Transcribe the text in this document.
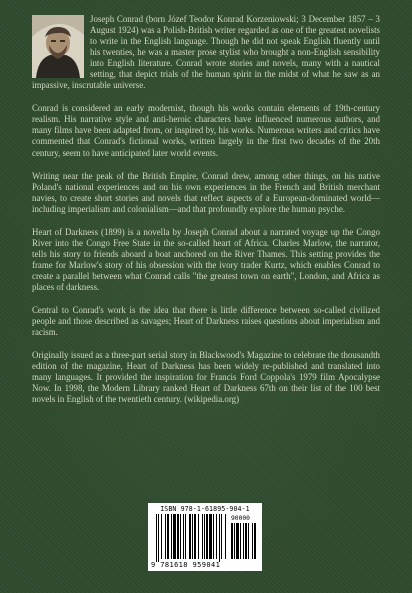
Joseph Conrad (born Józef Teodor Konrad Korzeniowski; 3 December 1857 – 3 August 1924) was a Polish-British writer regarded as one of the greatest novelists to write in the English language. Though he did not speak English fluently until his twenties, he was a master prose stylist who brought a non-English sensibility into English literature. Conrad wrote stories and novels, many with a nautical setting, that depict trials of the human spirit in the midst of what he saw as an impassive, inscrutable universe.

Conrad is considered an early modernist, though his works contain elements of 19th-century realism. His narrative style and anti-heroic characters have influenced numerous authors, and many films have been adapted from, or inspired by, his works. Numerous writers and critics have commented that Conrad's fictional works, written largely in the first two decades of the 20th century, seem to have anticipated later world events.

Writing near the peak of the British Empire, Conrad drew, among other things, on his native Poland's national experiences and on his own experiences in the French and British merchant navies, to create short stories and novels that reflect aspects of a European-dominated world—including imperialism and colonialism—and that profoundly explore the human psyche.

Heart of Darkness (1899) is a novella by Joseph Conrad about a narrated voyage up the Congo River into the Congo Free State in the so-called heart of Africa. Charles Marlow, the narrator, tells his story to friends aboard a boat anchored on the River Thames. This setting provides the frame for Marlow's story of his obsession with the ivory trader Kurtz, which enables Conrad to create a parallel between what Conrad calls "the greatest town on earth", London, and Africa as places of darkness.

Central to Conrad's work is the idea that there is little difference between so-called civilized people and those described as savages; Heart of Darkness raises questions about imperialism and racism.

Originally issued as a three-part serial story in Blackwood's Magazine to celebrate the thousandth edition of the magazine, Heart of Darkness has been widely re-published and translated into many languages. It provided the inspiration for Francis Ford Coppola's 1979 film Apocalypse Now. In 1998, the Modern Library ranked Heart of Darkness 67th on their list of the 100 best novels in English of the twentieth century. (wikipedia.org)

ISBN 978-1-61895-904-1
90000
9 781618 959041
